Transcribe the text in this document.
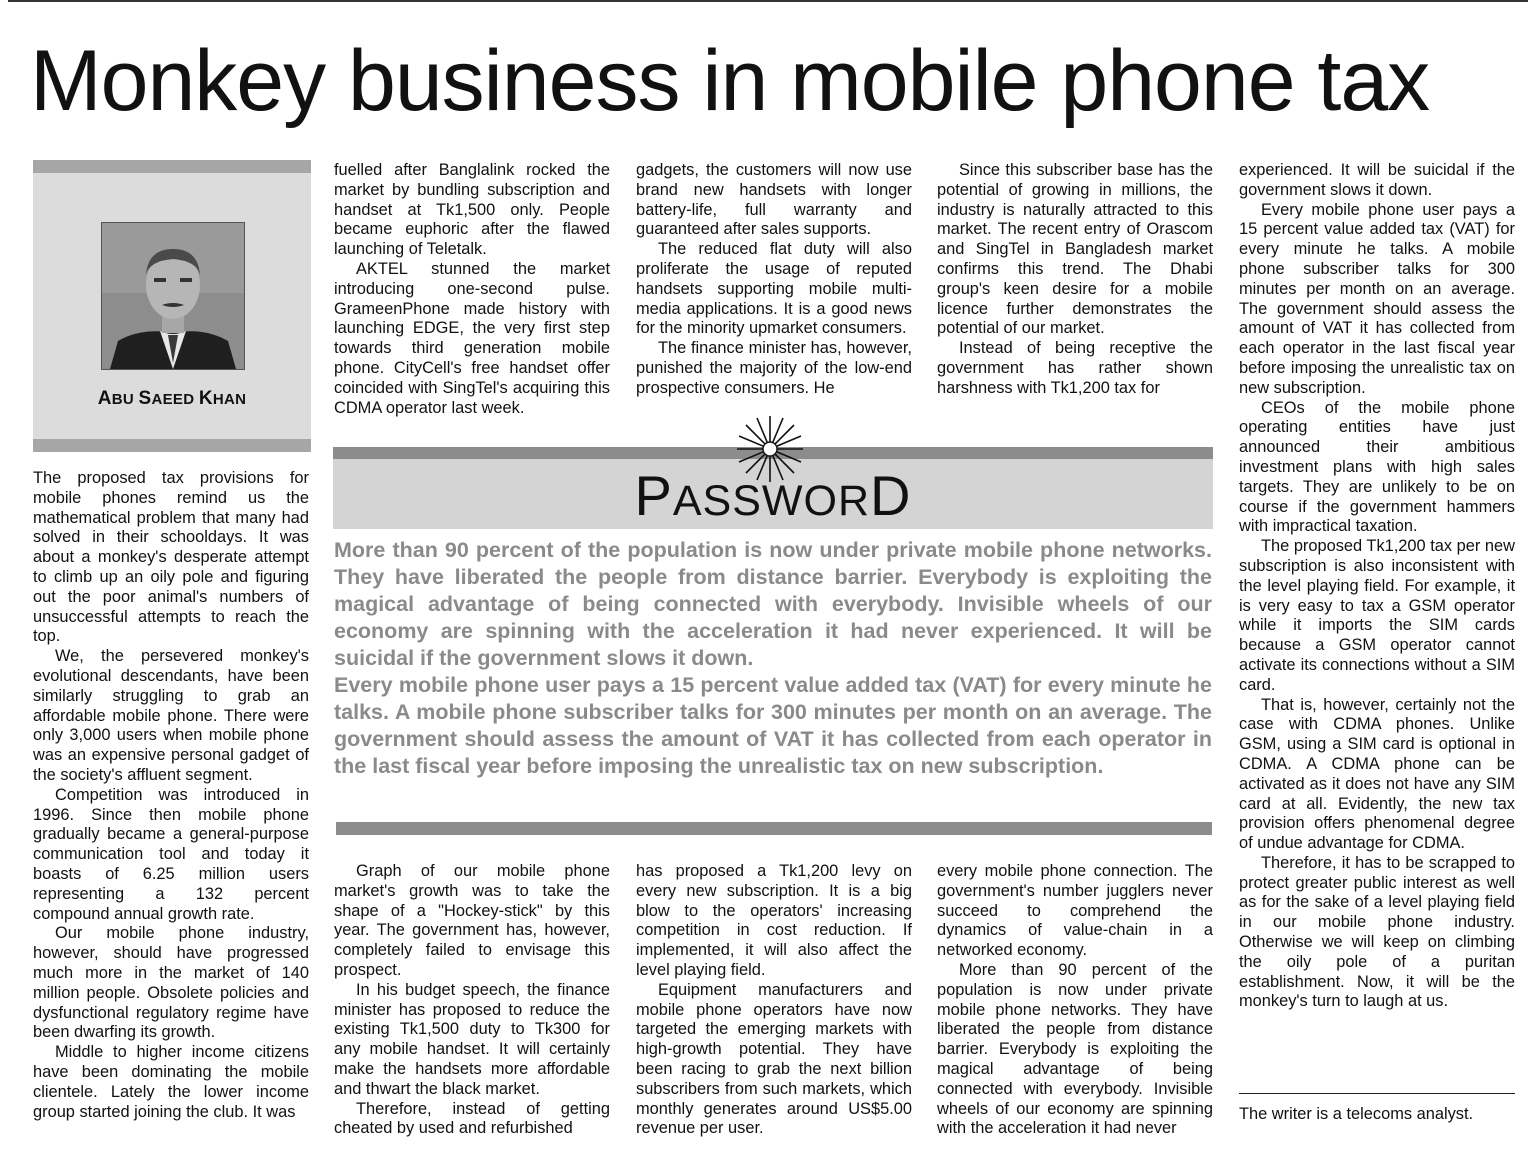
Monkey business in mobile phone tax
ABU SAEED KHAN

The proposed tax provisions for mobile phones remind us the mathematical problem that many had solved in their schooldays. It was about a monkey's desperate attempt to climb up an oily pole and figuring out the poor animal's numbers of unsuccessful attempts to reach the top.

We, the persevered monkey's evolutional descendants, have been similarly struggling to grab an affordable mobile phone. There were only 3,000 users when mobile phone was an expensive personal gadget of the society's affluent segment.

Competition was introduced in 1996. Since then mobile phone gradually became a general-purpose communication tool and today it boasts of 6.25 million users representing a 132 percent compound annual growth rate.

Our mobile phone industry, however, should have progressed much more in the market of 140 million people. Obsolete policies and dysfunctional regulatory regime have been dwarfing its growth.

Middle to higher income citizens have been dominating the mobile clientele. Lately the lower income group started joining the club. It was

fuelled after Banglalink rocked the market by bundling subscription and handset at Tk1,500 only. People became euphoric after the flawed launching of Teletalk.

AKTEL stunned the market introducing one-second pulse. GrameenPhone made history with launching EDGE, the very first step towards third generation mobile phone. CityCell's free handset offer coincided with SingTel's acquiring this CDMA operator last week.

gadgets, the customers will now use brand new handsets with longer battery-life, full warranty and guaranteed after sales supports.

The reduced flat duty will also proliferate the usage of reputed handsets supporting mobile multi-media applications. It is a good news for the minority upmarket consumers.

The finance minister has, however, punished the majority of the low-end prospective consumers. He

Since this subscriber base has the potential of growing in millions, the industry is naturally attracted to this market. The recent entry of Orascom and SingTel in Bangladesh market confirms this trend. The Dhabi group's keen desire for a mobile licence further demonstrates the potential of our market.

Instead of being receptive the government has rather shown harshness with Tk1,200 tax for

experienced. It will be suicidal if the government slows it down.

Every mobile phone user pays a 15 percent value added tax (VAT) for every minute he talks. A mobile phone subscriber talks for 300 minutes per month on an average. The government should assess the amount of VAT it has collected from each operator in the last fiscal year before imposing the unrealistic tax on new subscription.

CEOs of the mobile phone operating entities have just announced their ambitious investment plans with high sales targets. They are unlikely to be on course if the government hammers with impractical taxation.

The proposed Tk1,200 tax per new subscription is also inconsistent with the level playing field. For example, it is very easy to tax a GSM operator while it imports the SIM cards because a GSM operator cannot activate its connections without a SIM card.

That is, however, certainly not the case with CDMA phones. Unlike GSM, using a SIM card is optional in CDMA. A CDMA phone can be activated as it does not have any SIM card at all. Evidently, the new tax provision offers phenomenal degree of undue advantage for CDMA.

Therefore, it has to be scrapped to protect greater public interest as well as for the sake of a level playing field in our mobile phone industry. Otherwise we will keep on climbing the oily pole of a puritan establishment. Now, it will be the monkey's turn to laugh at us.

PASSWORD

More than 90 percent of the population is now under private mobile phone networks. They have liberated the people from distance barrier. Everybody is exploiting the magical advantage of being connected with everybody. Invisible wheels of our economy are spinning with the acceleration it had never experienced. It will be suicidal if the government slows it down.

Every mobile phone user pays a 15 percent value added tax (VAT) for every minute he talks. A mobile phone subscriber talks for 300 minutes per month on an average. The government should assess the amount of VAT it has collected from each operator in the last fiscal year before imposing the unrealistic tax on new subscription.

Graph of our mobile phone market's growth was to take the shape of a "Hockey-stick" by this year. The government has, however, completely failed to envisage this prospect.

In his budget speech, the finance minister has proposed to reduce the existing Tk1,500 duty to Tk300 for any mobile handset. It will certainly make the handsets more affordable and thwart the black market.

Therefore, instead of getting cheated by used and refurbished

has proposed a Tk1,200 levy on every new subscription. It is a big blow to the operators' increasing competition in cost reduction. If implemented, it will also affect the level playing field.

Equipment manufacturers and mobile phone operators have now targeted the emerging markets with high-growth potential. They have been racing to grab the next billion subscribers from such markets, which monthly generates around US$5.00 revenue per user.

every mobile phone connection. The government's number jugglers never succeed to comprehend the dynamics of value-chain in a networked economy.

More than 90 percent of the population is now under private mobile phone networks. They have liberated the people from distance barrier. Everybody is exploiting the magical advantage of being connected with everybody. Invisible wheels of our economy are spinning with the acceleration it had never

The writer is a telecoms analyst.
